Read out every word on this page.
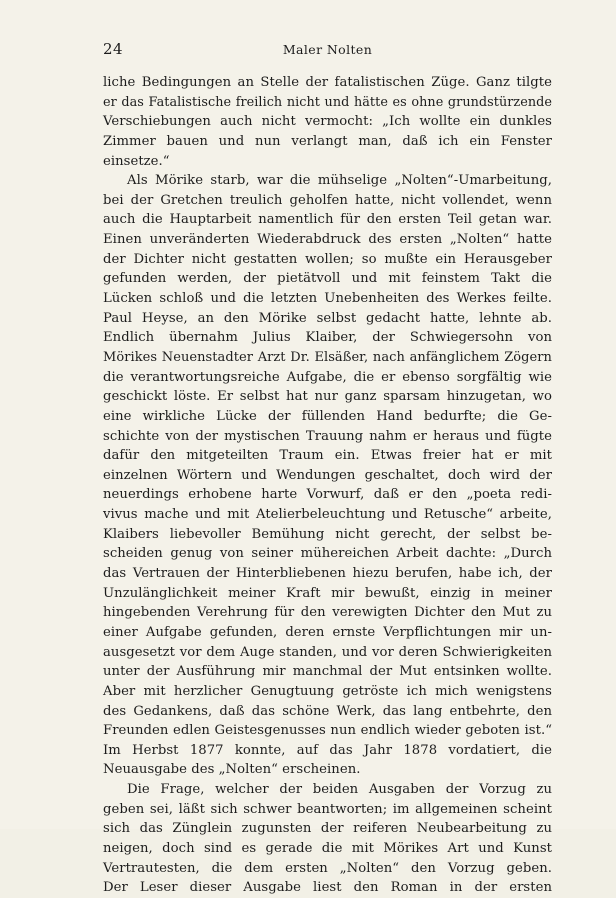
24	Maler Nolten
liche Bedingungen an Stelle der fatalistischen Züge. Ganz tilgte
er das Fatalistische freilich nicht und hätte es ohne grundstürzende
Verschiebungen auch nicht vermocht: „Ich wollte ein dunkles
Zimmer bauen und nun verlangt man, daß ich ein Fenster
einsetze.“
Als Mörike starb, war die mühselige „Nolten“-Umarbeitung,
bei der Gretchen treulich geholfen hatte, nicht vollendet, wenn
auch die Hauptarbeit namentlich für den ersten Teil getan war.
Einen unveränderten Wiederabdruck des ersten „Nolten“ hatte
der Dichter nicht gestatten wollen; so mußte ein Herausgeber
gefunden werden, der pietätvoll und mit feinstem Takt die
Lücken schloß und die letzten Unebenheiten des Werkes feilte.
Paul Heyse, an den Mörike selbst gedacht hatte, lehnte ab.
Endlich übernahm Julius Klaiber, der Schwiegersohn von
Mörikes Neuenstadter Arzt Dr. Elsäßer, nach anfänglichem Zögern
die verantwortungsreiche Aufgabe, die er ebenso sorgfältig wie
geschickt löste. Er selbst hat nur ganz sparsam hinzugetan, wo
eine wirkliche Lücke der füllenden Hand bedurfte; die Ge-
schichte von der mystischen Trauung nahm er heraus und fügte
dafür den mitgeteilten Traum ein. Etwas freier hat er mit
einzelnen Wörtern und Wendungen geschaltet, doch wird der
neuerdings erhobene harte Vorwurf, daß er den „poeta redi-
vivus mache und mit Atelierbeleuchtung und Retusche“ arbeite,
Klaibers liebevoller Bemühung nicht gerecht, der selbst be-
scheiden genug von seiner mühereichen Arbeit dachte: „Durch
das Vertrauen der Hinterbliebenen hiezu berufen, habe ich, der
Unzulänglichkeit meiner Kraft mir bewußt, einzig in meiner
hingebenden Verehrung für den verewigten Dichter den Mut zu
einer Aufgabe gefunden, deren ernste Verpflichtungen mir un-
ausgesetzt vor dem Auge standen, und vor deren Schwierigkeiten
unter der Ausführung mir manchmal der Mut entsinken wollte.
Aber mit herzlicher Genugtuung getröste ich mich wenigstens
des Gedankens, daß das schöne Werk, das lang entbehrte, den
Freunden edlen Geistesgenusses nun endlich wieder geboten ist.“
Im Herbst 1877 konnte, auf das Jahr 1878 vordatiert, die
Neuausgabe des „Nolten“ erscheinen.
Die Frage, welcher der beiden Ausgaben der Vorzug zu
geben sei, läßt sich schwer beantworten; im allgemeinen scheint
sich das Zünglein zugunsten der reiferen Neubearbeitung zu
neigen, doch sind es gerade die mit Mörikes Art und Kunst
Vertrautesten, die dem ersten „Nolten“ den Vorzug geben.
Der Leser dieser Ausgabe liest den Roman in der ersten
